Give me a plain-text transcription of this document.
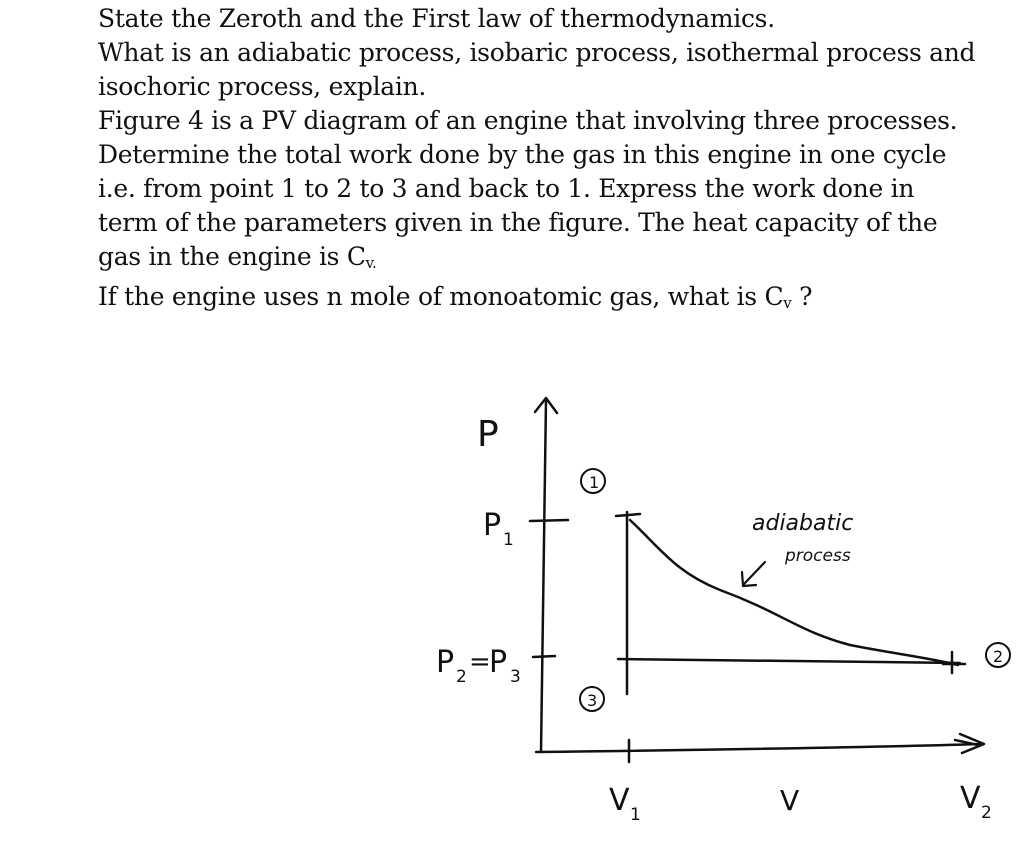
State the Zeroth and the First law of thermodynamics.

What is an adiabatic process, isobaric process, isothermal process and

isochoric process, explain.

Figure 4 is a PV diagram of an engine that involving three processes.

Determine the total work done by the gas in this engine in one cycle

i.e. from point 1 to 2 to 3 and back to 1. Express the work done in

term of the parameters given in the figure. The heat capacity of the

gas in the engine is $C_{v.}$

If the engine uses n mole of monoatomic gas, what is $C_v$ ?

P
P 1
P 2 =
P 3
V 1	V	V 2
1
2
3
adiabatic
process
